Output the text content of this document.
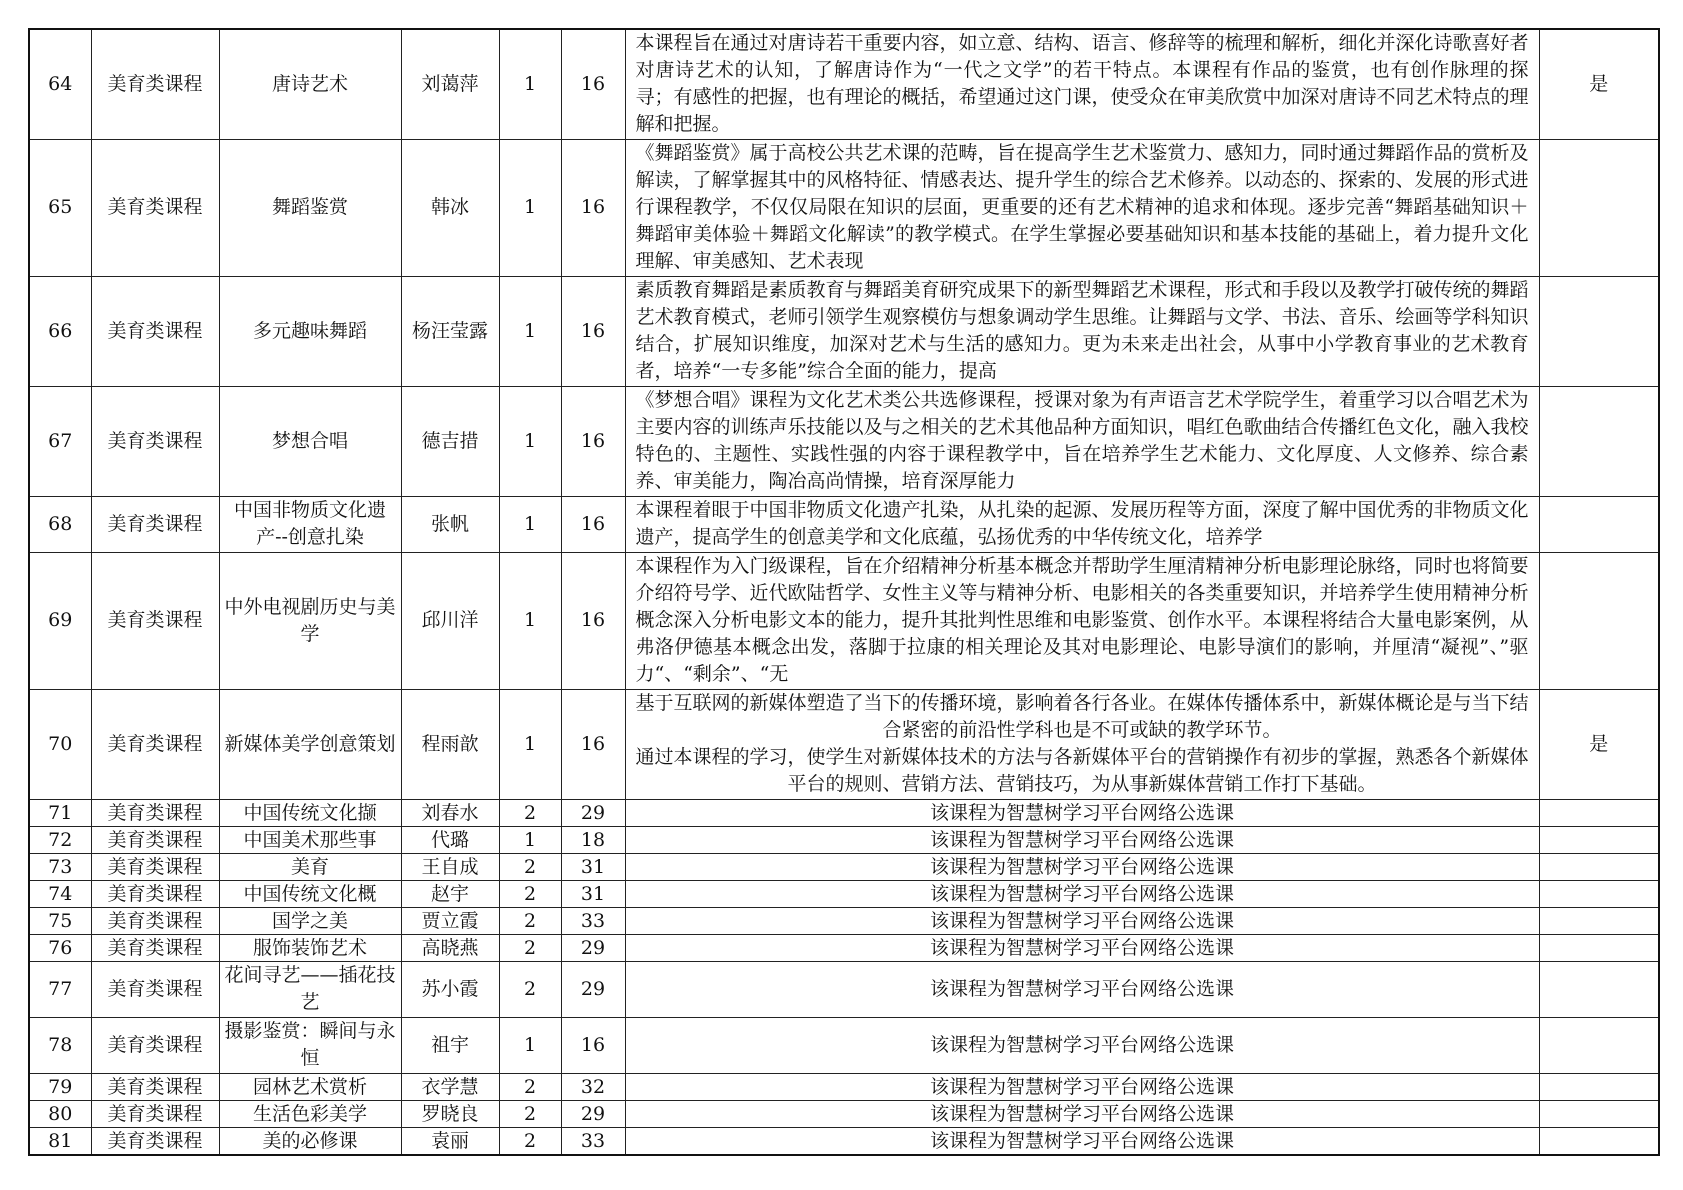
64	美育类课程	唐诗艺术	刘蔼萍	1	16	本课程旨在通过对唐诗若干重要内容，如立意、结构、语言、修辞等的梳理和解析，细化并深化诗歌喜好者对唐诗艺术的认知，了解唐诗作为“一代之文学”的若干特点。本课程有作品的鉴赏，也有创作脉理的探寻；有感性的把握，也有理论的概括，希望通过这门课，使受众在审美欣赏中加深对唐诗不同艺术特点的理解和把握。	是
65	美育类课程	舞蹈鉴赏	韩冰	1	16	《舞蹈鉴赏》属于高校公共艺术课的范畴，旨在提高学生艺术鉴赏力、感知力，同时通过舞蹈作品的赏析及解读，了解掌握其中的风格特征、情感表达、提升学生的综合艺术修养。以动态的、探索的、发展的形式进行课程教学，不仅仅局限在知识的层面，更重要的还有艺术精神的追求和体现。逐步完善“舞蹈基础知识＋舞蹈审美体验＋舞蹈文化解读”的教学模式。在学生掌握必要基础知识和基本技能的基础上，着力提升文化理解、审美感知、艺术表现	

66	美育类课程	多元趣味舞蹈	杨汪莹露	1	16	素质教育舞蹈是素质教育与舞蹈美育研究成果下的新型舞蹈艺术课程，形式和手段以及教学打破传统的舞蹈艺术教育模式，老师引领学生观察模仿与想象调动学生思维。让舞蹈与文学、书法、音乐、绘画等学科知识结合，扩展知识维度，加深对艺术与生活的感知力。更为未来走出社会，从事中小学教育事业的艺术教育者，培养“一专多能”综合全面的能力，提高	

67	美育类课程	梦想合唱	德吉措	1	16	《梦想合唱》课程为文化艺术类公共选修课程，授课对象为有声语言艺术学院学生，着重学习以合唱艺术为主要内容的训练声乐技能以及与之相关的艺术其他品种方面知识，唱红色歌曲结合传播红色文化，融入我校特色的、主题性、实践性强的内容于课程教学中，旨在培养学生艺术能力、文化厚度、人文修养、综合素养、审美能力，陶冶高尚情操，培育深厚能力	

68	美育类课程	中国非物质文化遗产--创意扎染	张帆	1	16	本课程着眼于中国非物质文化遗产扎染，从扎染的起源、发展历程等方面，深度了解中国优秀的非物质文化遗产，提高学生的创意美学和文化底蕴，弘扬优秀的中华传统文化，培养学	

69	美育类课程	中外电视剧历史与美学	邱川洋	1	16	本课程作为入门级课程，旨在介绍精神分析基本概念并帮助学生厘清精神分析电影理论脉络，同时也将简要介绍符号学、近代欧陆哲学、女性主义等与精神分析、电影相关的各类重要知识，并培养学生使用精神分析概念深入分析电影文本的能力，提升其批判性思维和电影鉴赏、创作水平。本课程将结合大量电影案例，从弗洛伊德基本概念出发，落脚于拉康的相关理论及其对电影理论、电影导演们的影响，并厘清“凝视”、”驱力“、“剩余”、“无	

70	美育类课程	新媒体美学创意策划	程雨歆	1	16	基于互联网的新媒体塑造了当下的传播环境，影响着各行各业。在媒体传播体系中，新媒体概论是与当下结合紧密的前沿性学科也是不可或缺的教学环节。

通过本课程的学习，使学生对新媒体技术的方法与各新媒体平台的营销操作有初步的掌握，熟悉各个新媒体平台的规则、营销方法、营销技巧，为从事新媒体营销工作打下基础。	是
71	美育类课程	中国传统文化撷	刘春水	2	29	该课程为智慧树学习平台网络公选课	
72	美育类课程	中国美术那些事	代璐	1	18	该课程为智慧树学习平台网络公选课	
73	美育类课程	美育	王自成	2	31	该课程为智慧树学习平台网络公选课	
74	美育类课程	中国传统文化概	赵宇	2	31	该课程为智慧树学习平台网络公选课	
75	美育类课程	国学之美	贾立霞	2	33	该课程为智慧树学习平台网络公选课	
76	美育类课程	服饰装饰艺术	高晓燕	2	29	该课程为智慧树学习平台网络公选课	
77	美育类课程	花间寻艺——插花技艺	苏小霞	2	29	该课程为智慧树学习平台网络公选课	
78	美育类课程	摄影鉴赏：瞬间与永恒	祖宇	1	16	该课程为智慧树学习平台网络公选课	
79	美育类课程	园林艺术赏析	衣学慧	2	32	该课程为智慧树学习平台网络公选课	
80	美育类课程	生活色彩美学	罗晓良	2	29	该课程为智慧树学习平台网络公选课	
81	美育类课程	美的必修课	袁丽	2	33	该课程为智慧树学习平台网络公选课	
